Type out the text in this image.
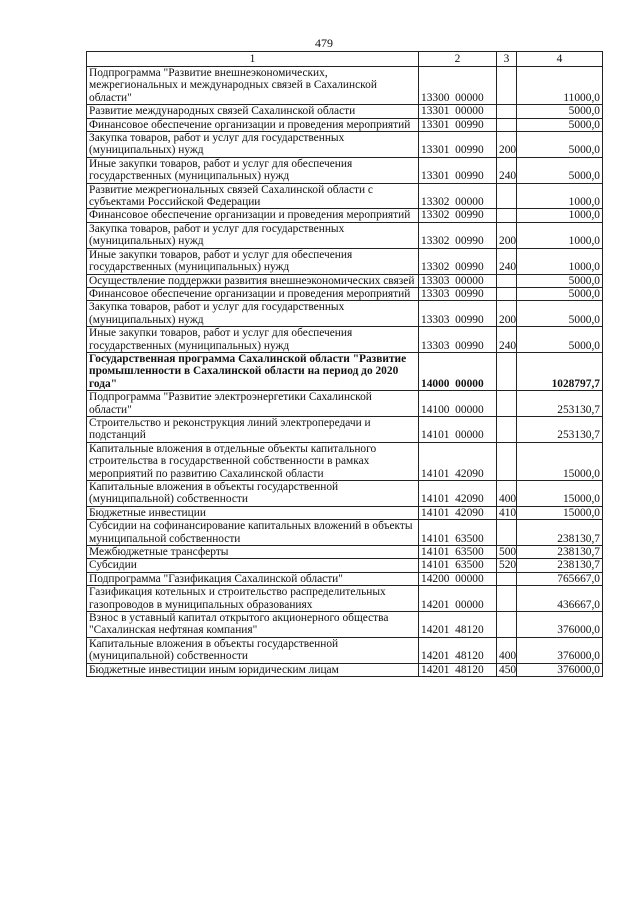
479
1	2	3	4
Подпрограмма "Развитие внешнеэкономических, межрегиональных и международных связей в Сахалинской области"	13300  00000		11000,0
Развитие международных связей Сахалинской области	13301  00000		5000,0
Финансовое обеспечение организации и проведения мероприятий	13301  00990		5000,0
Закупка товаров, работ и услуг для государственных (муниципальных) нужд	13301  00990	200	5000,0
Иные закупки товаров, работ и услуг для обеспечения государственных (муниципальных) нужд	13301  00990	240	5000,0
Развитие межрегиональных связей Сахалинской области с субъектами Российской Федерации	13302  00000		1000,0
Финансовое обеспечение организации и проведения мероприятий	13302  00990		1000,0
Закупка товаров, работ и услуг для государственных (муниципальных) нужд	13302  00990	200	1000,0
Иные закупки товаров, работ и услуг для обеспечения государственных (муниципальных) нужд	13302  00990	240	1000,0
Осуществление поддержки развития внешнеэкономических связей	13303  00000		5000,0
Финансовое обеспечение организации и проведения мероприятий	13303  00990		5000,0
Закупка товаров, работ и услуг для государственных (муниципальных) нужд	13303  00990	200	5000,0
Иные закупки товаров, работ и услуг для обеспечения государственных (муниципальных) нужд	13303  00990	240	5000,0
Государственная программа Сахалинской области "Развитие промышленности в Сахалинской области на период до 2020 года"	14000  00000		1028797,7
Подпрограмма "Развитие электроэнергетики Сахалинской области"	14100  00000		253130,7
Строительство и реконструкция линий электропередачи и подстанций	14101  00000		253130,7
Капитальные вложения в отдельные объекты капитального строительства в государственной собственности в рамках мероприятий по развитию Сахалинской области	14101  42090		15000,0
Капитальные вложения в объекты государственной (муниципальной) собственности	14101  42090	400	15000,0
Бюджетные инвестиции	14101  42090	410	15000,0
Субсидии на софинансирование капитальных вложений в объекты муниципальной собственности	14101  63500		238130,7
Межбюджетные трансферты	14101  63500	500	238130,7
Субсидии	14101  63500	520	238130,7
Подпрограмма "Газификация Сахалинской области"	14200  00000		765667,0
Газификация котельных и строительство распределительных газопроводов в муниципальных образованиях	14201  00000		436667,0
Взнос в уставный капитал открытого акционерного общества "Сахалинская нефтяная компания"	14201  48120		376000,0
Капитальные вложения в объекты государственной (муниципальной) собственности	14201  48120	400	376000,0
Бюджетные инвестиции иным юридическим лицам	14201  48120	450	376000,0
